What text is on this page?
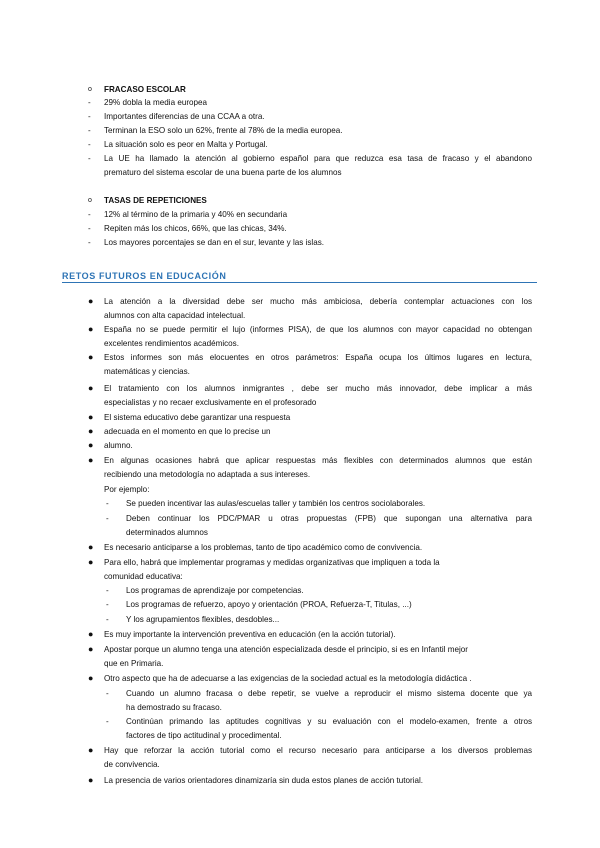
o FRACASO ESCOLAR
- 29% dobla la media europea
- Importantes diferencias de una CCAA a otra.
- Terminan la ESO solo un 62%, frente al 78% de la media europea.
- La situación solo es peor en Malta y Portugal.
- La UE ha llamado la atención al gobierno español para que reduzca esa tasa de fracaso y el abandono
prematuro del sistema escolar de una buena parte de los alumnos
o TASAS DE REPETICIONES
- 12% al término de la primaria y 40% en secundaria
- Repiten más los chicos, 66%, que las chicas, 34%.
- Los mayores porcentajes se dan en el sur, levante y las islas.
RETOS FUTUROS EN EDUCACIÓN
● La atención a la diversidad debe ser mucho más ambiciosa, debería contemplar actuaciones con los
alumnos con alta capacidad intelectual.
● España no se puede permitir el lujo (informes PISA), de que los alumnos con mayor capacidad no obtengan
excelentes rendimientos académicos.
● Estos informes son más elocuentes en otros parámetros: España ocupa los últimos lugares en lectura,
matemáticas y ciencias.
● El tratamiento con los alumnos inmigrantes , debe ser mucho más innovador, debe implicar a más
especialistas y no recaer exclusivamente en el profesorado
● El sistema educativo debe garantizar una respuesta
● adecuada en el momento en que lo precise un
● alumno.
● En algunas ocasiones habrá que aplicar respuestas más flexibles con determinados alumnos que están
recibiendo una metodología no adaptada a sus intereses.
Por ejemplo:
- Se pueden incentivar las aulas/escuelas taller y también los centros sociolaborales.
- Deben continuar los PDC/PMAR u otras propuestas (FPB) que supongan una alternativa para
determinados alumnos
● Es necesario anticiparse a los problemas, tanto de tipo académico como de convivencia.
● Para ello, habrá que implementar programas y medidas organizativas que impliquen a toda la
comunidad educativa:
- Los programas de aprendizaje por competencias.
- Los programas de refuerzo, apoyo y orientación (PROA, Refuerza-T, Titulas, ...)
- Y los agrupamientos flexibles, desdobles...
● Es muy importante la intervención preventiva en educación (en la acción tutorial).
● Apostar porque un alumno tenga una atención especializada desde el principio, si es en Infantil mejor
que en Primaria.
● Otro aspecto que ha de adecuarse a las exigencias de la sociedad actual es la metodología didáctica .
- Cuando un alumno fracasa o debe repetir, se vuelve a reproducir el mismo sistema docente que ya
ha demostrado su fracaso.
- Continúan primando las aptitudes cognitivas y su evaluación con el modelo-examen, frente a otros
factores de tipo actitudinal y procedimental.
● Hay que reforzar la acción tutorial como el recurso necesario para anticiparse a los diversos problemas
de convivencia.
● La presencia de varios orientadores dinamizaría sin duda estos planes de acción tutorial.
